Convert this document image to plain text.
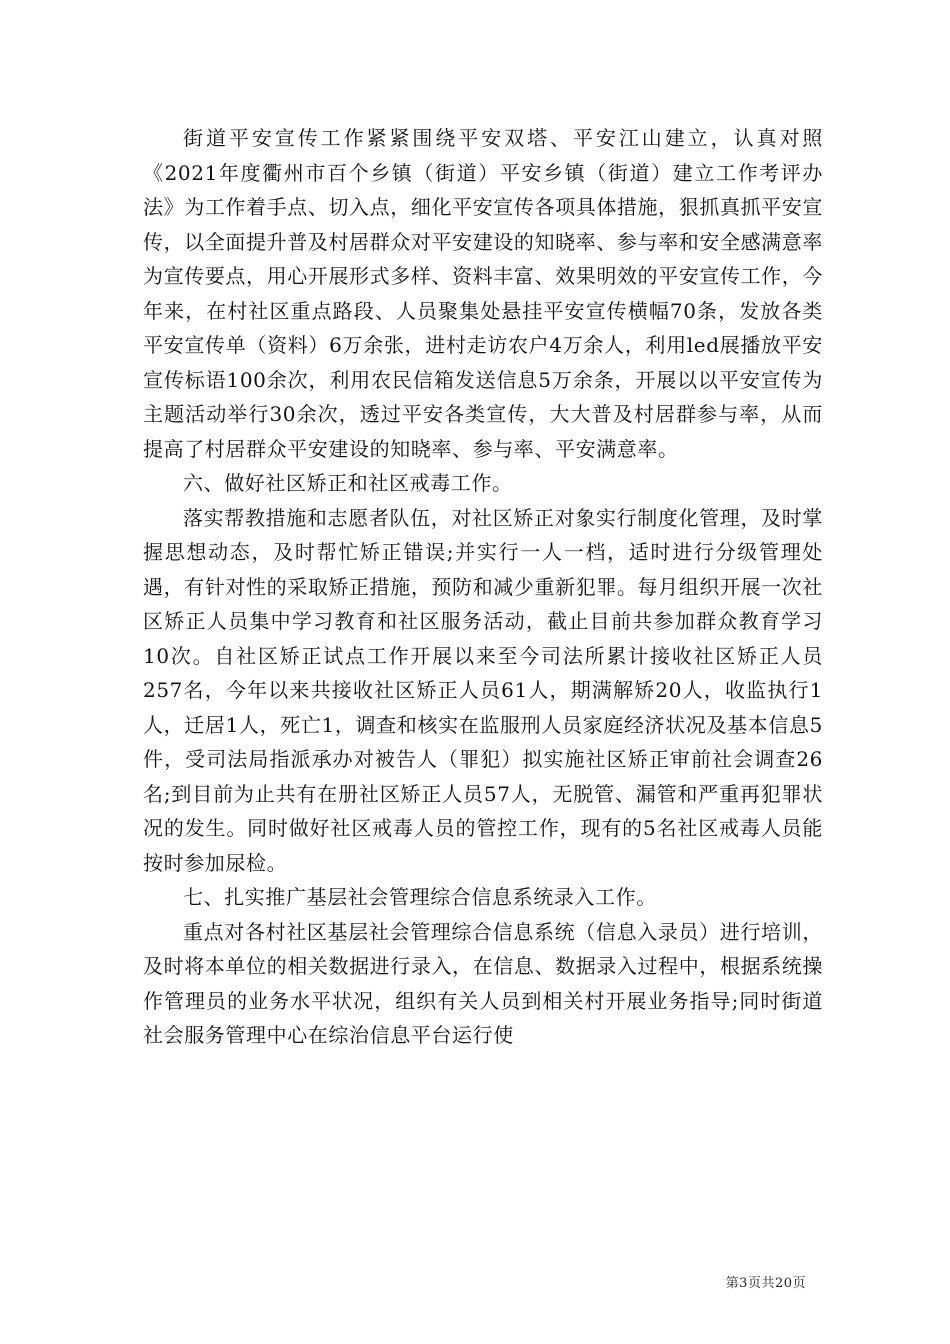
街道平安宣传工作紧紧围绕平安双塔、平安江山建立，认真对照《2021年度衢州市百个乡镇（街道）平安乡镇（街道）建立工作考评办法》为工作着手点、切入点，细化平安宣传各项具体措施，狠抓真抓平安宣传，以全面提升普及村居群众对平安建设的知晓率、参与率和安全感满意率为宣传要点，用心开展形式多样、资料丰富、效果明效的平安宣传工作，今年来，在村社区重点路段、人员聚集处悬挂平安宣传横幅70条，发放各类平安宣传单（资料）6万余张，进村走访农户4万余人，利用led展播放平安宣传标语100余次，利用农民信箱发送信息5万余条，开展以以平安宣传为主题活动举行30余次，透过平安各类宣传，大大普及村居群参与率，从而提高了村居群众平安建设的知晓率、参与率、平安满意率。

六、做好社区矫正和社区戒毒工作。

落实帮教措施和志愿者队伍，对社区矫正对象实行制度化管理，及时掌握思想动态，及时帮忙矫正错误;并实行一人一档，适时进行分级管理处遇，有针对性的采取矫正措施，预防和减少重新犯罪。每月组织开展一次社区矫正人员集中学习教育和社区服务活动，截止目前共参加群众教育学习10次。自社区矫正试点工作开展以来至今司法所累计接收社区矫正人员257名，今年以来共接收社区矫正人员61人，期满解矫20人，收监执行1人，迁居1人，死亡1，调查和核实在监服刑人员家庭经济状况及基本信息5件，受司法局指派承办对被告人（罪犯）拟实施社区矫正审前社会调查26名;到目前为止共有在册社区矫正人员57人，无脱管、漏管和严重再犯罪状况的发生。同时做好社区戒毒人员的管控工作，现有的5名社区戒毒人员能按时参加尿检。

七、扎实推广基层社会管理综合信息系统录入工作。

重点对各村社区基层社会管理综合信息系统（信息入录员）进行培训，及时将本单位的相关数据进行录入，在信息、数据录入过程中，根据系统操作管理员的业务水平状况，组织有关人员到相关村开展业务指导;同时街道社会服务管理中心在综治信息平台运行使

第3页共20页
